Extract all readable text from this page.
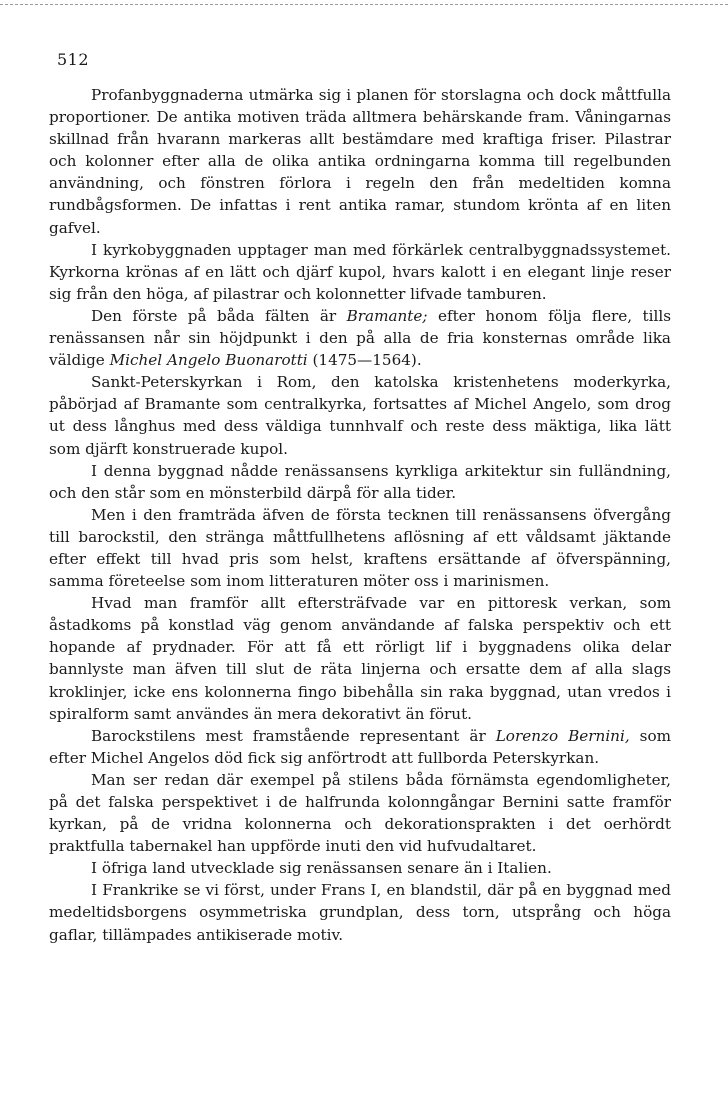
512

Profanbyggnaderna utmärka sig i planen för storslagna och dock måttfulla proportioner. De antika motiven träda alltmera behärskande fram. Våningarnas skillnad från hvarann markeras allt bestämdare med kraftiga friser. Pilastrar och kolonner efter alla de olika antika ordningarna komma till regelbunden användning, och fönstren förlora i regeln den från medeltiden komna rundbågsformen. De infattas i rent antika ramar, stundom krönta af en liten gafvel.

I kyrkobyggnaden upptager man med förkärlek centralbyggnadssystemet. Kyrkorna krönas af en lätt och djärf kupol, hvars kalott i en elegant linje reser sig från den höga, af pilastrar och kolonnetter lifvade tamburen.

Den förste på båda fälten är Bramante; efter honom följa flere, tills renässansen når sin höjdpunkt i den på alla de fria konsternas område lika väldige Michel Angelo Buonarotti (1475—1564).

Sankt-Peterskyrkan i Rom, den katolska kristenhetens moderkyrka, påbörjad af Bramante som centralkyrka, fortsattes af Michel Angelo, som drog ut dess långhus med dess väldiga tunnhvalf och reste dess mäktiga, lika lätt som djärft konstruerade kupol.

I denna byggnad nådde renässansens kyrkliga arkitektur sin fulländning, och den står som en mönsterbild därpå för alla tider.

Men i den framträda äfven de första tecknen till renässansens öfvergång till barockstil, den stränga måttfullhetens aflösning af ett våldsamt jäktande efter effekt till hvad pris som helst, kraftens ersättande af öfverspänning, samma företeelse som inom litteraturen möter oss i marinismen.

Hvad man framför allt eftersträfvade var en pittoresk verkan, som åstadkoms på konstlad väg genom användande af falska perspektiv och ett hopande af prydnader. För att få ett rörligt lif i byggnadens olika delar bannlyste man äfven till slut de räta linjerna och ersatte dem af alla slags kroklinjer, icke ens kolonnerna fingo bibehålla sin raka byggnad, utan vredos i spiralform samt användes än mera dekorativt än förut.

Barockstilens mest framstående representant är Lorenzo Bernini, som efter Michel Angelos död fick sig anförtrodt att fullborda Peterskyrkan.

Man ser redan där exempel på stilens båda förnämsta egendomligheter, på det falska perspektivet i de halfrunda kolonngångar Bernini satte framför kyrkan, på de vridna kolonnerna och dekorationsprakten i det oerhördt praktfulla tabernakel han uppförde inuti den vid hufvudaltaret.

I öfriga land utvecklade sig renässansen senare än i Italien.

I Frankrike se vi först, under Frans I, en blandstil, där på en byggnad med medeltidsborgens osymmetriska grundplan, dess torn, utsprång och höga gaflar, tillämpades antikiserade motiv.
